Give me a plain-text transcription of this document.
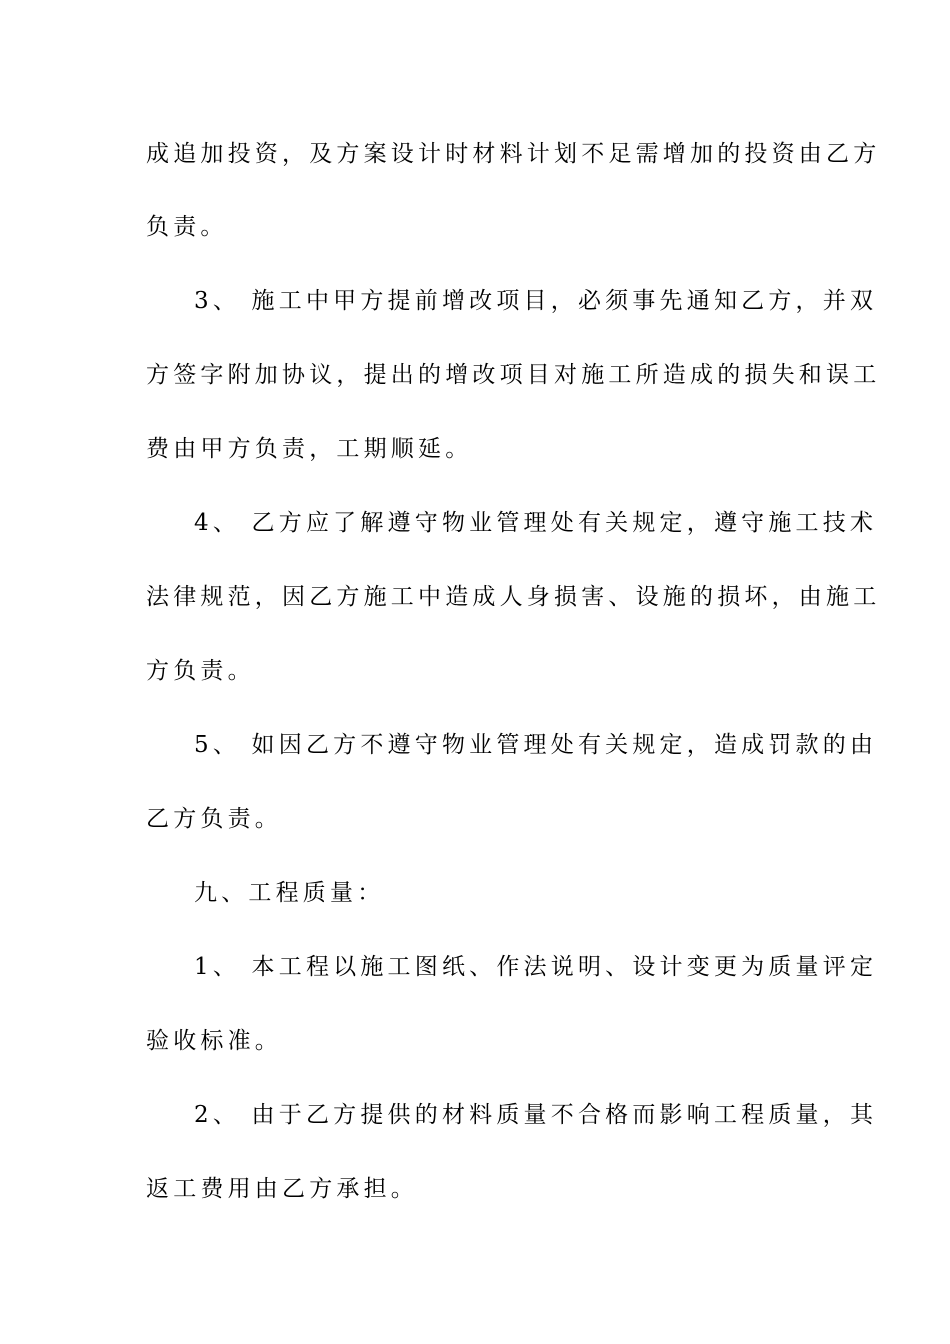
成追加投资，及方案设计时材料计划不足需增加的投资由乙方
负责。
3、 施工中甲方提前增改项目，必须事先通知乙方，并双
方签字附加协议，提出的增改项目对施工所造成的损失和误工
费由甲方负责，工期顺延。
4、 乙方应了解遵守物业管理处有关规定，遵守施工技术
法律规范，因乙方施工中造成人身损害、设施的损坏，由施工
方负责。
5、 如因乙方不遵守物业管理处有关规定，造成罚款的由
乙方负责。
九、工程质量：
1、 本工程以施工图纸、作法说明、设计变更为质量评定
验收标准。
2、 由于乙方提供的材料质量不合格而影响工程质量，其
返工费用由乙方承担。
